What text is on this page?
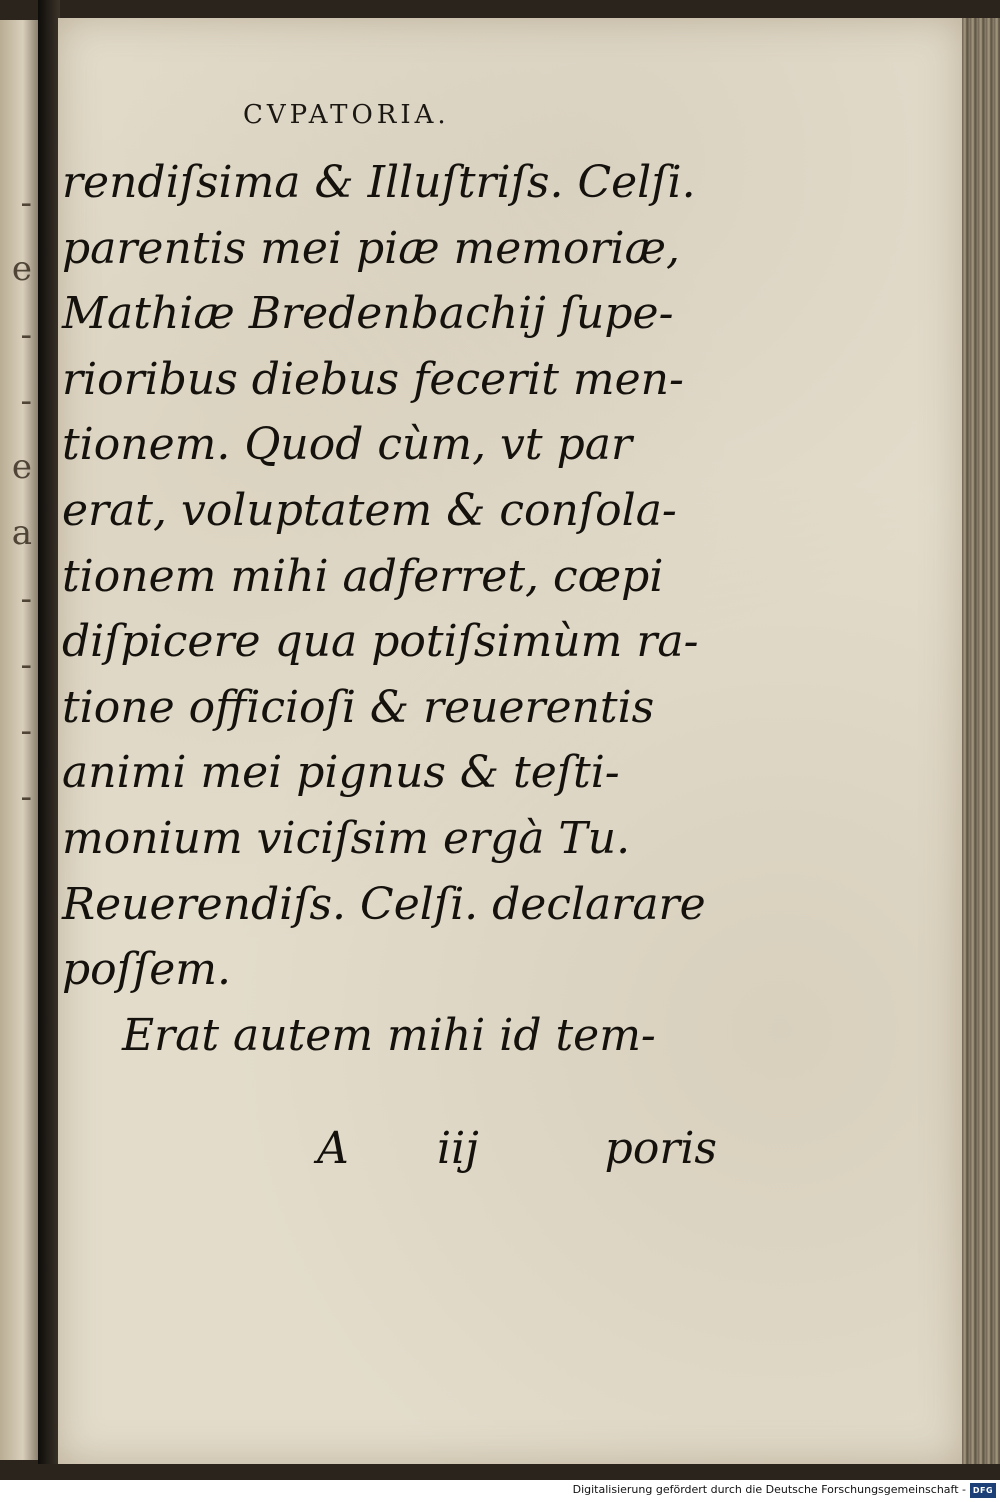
-
e
-
-
e
a
-
-
-
-
CVPATORIA.
rendiſsima & Illuſtriſs. Celſi.
parentis mei piæ memoriæ,
Mathiæ Bredenbachij ſupe-
rioribus diebus fecerit men-
tionem. Quod cùm, vt par
erat, voluptatem & conſola-
tionem mihi adferret, cœpi
diſpicere qua potiſsimùm ra-
tione officioſi & reuerentis
animi mei pignus & teſti-
monium viciſsim ergà Tu.
Reuerendiſs. Celſi. declarare
poſſem.
Erat autem mihi id tem-
A iij	poris
Digitalisierung gefördert durch die Deutsche Forschungsgemeinschaft - DFG
